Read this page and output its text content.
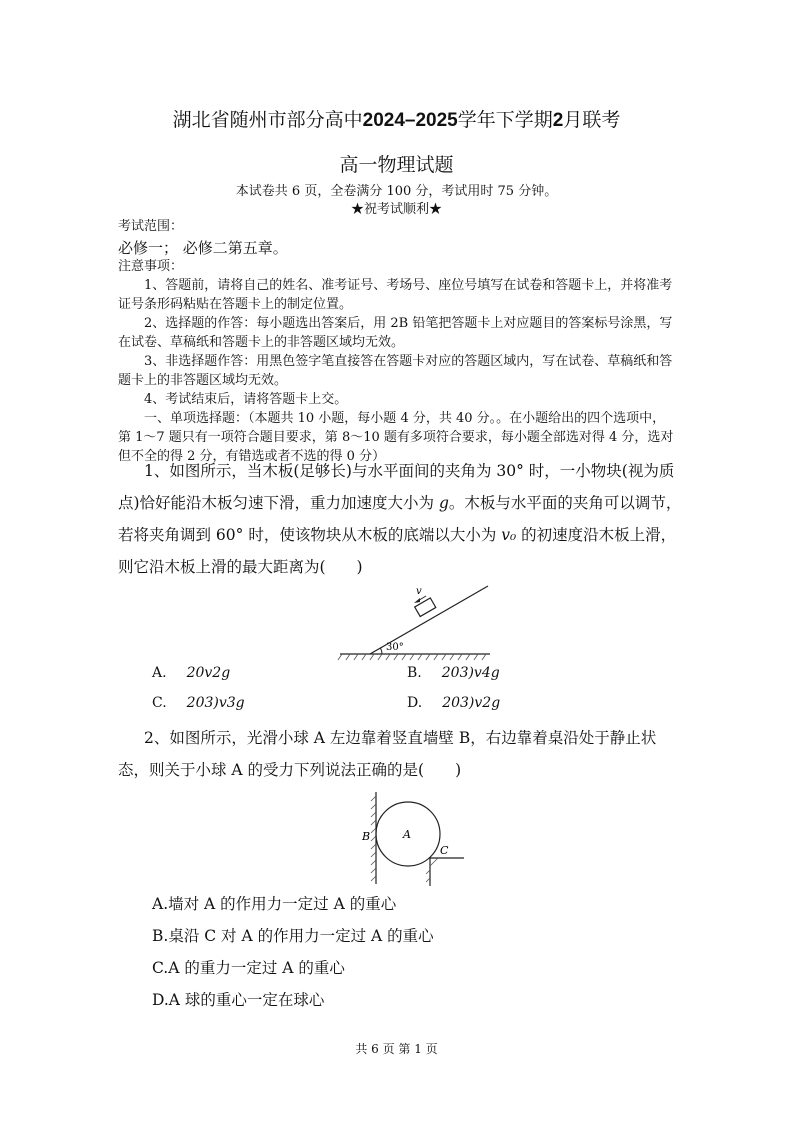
湖北省随州市部分高中2024–2025学年下学期2月联考
高一物理试题
本试卷共 6 页，全卷满分 100 分，考试用时 75 分钟。
★祝考试顺利★
考试范围：
必修一； 必修二第五章。
注意事项：
1、答题前，请将自己的姓名、准考证号、考场号、座位号填写在试卷和答题卡上，并将准考证号条形码粘贴在答题卡上的制定位置。
2、选择题的作答：每小题选出答案后，用 2B 铅笔把答题卡上对应题目的答案标号涂黑，写在试卷、草稿纸和答题卡上的非答题区域均无效。
3、非选择题作答：用黑色签字笔直接答在答题卡对应的答题区域内，写在试卷、草稿纸和答题卡上的非答题区域均无效。
4、考试结束后，请将答题卡上交。
一、单项选择题：（本题共 10 小题，每小题 4 分，共 40 分。。在小题给出的四个选项中，第 1～7 题只有一项符合题目要求，第 8～10 题有多项符合要求，每小题全部选对得 4 分，选对但不全的得 2 分，有错选或者不选的得 0 分）
1、如图所示，当木板(足够长)与水平面间的夹角为 30° 时，一小物块(视为质点)恰好能沿木板匀速下滑，重力加速度大小为 g。木板与水平面的夹角可以调节，若将夹角调到 60° 时，使该物块从木板的底端以大小为 v₀ 的初速度沿木板上滑，则它沿木板上滑的最大距离为(　　)
30°
v
A. 20v2g	B. 203)v4g
C. 203)v3g	D. 203)v2g
2、如图所示，光滑小球 A 左边靠着竖直墙壁 B，右边靠着桌沿处于静止状态，则关于小球 A 的受力下列说法正确的是(　　)
A
B
C
A.墙对 A 的作用力一定过 A 的重心
B.桌沿 C 对 A 的作用力一定过 A 的重心
C.A 的重力一定过 A 的重心
D.A 球的重心一定在球心
共 6 页 第 1 页
